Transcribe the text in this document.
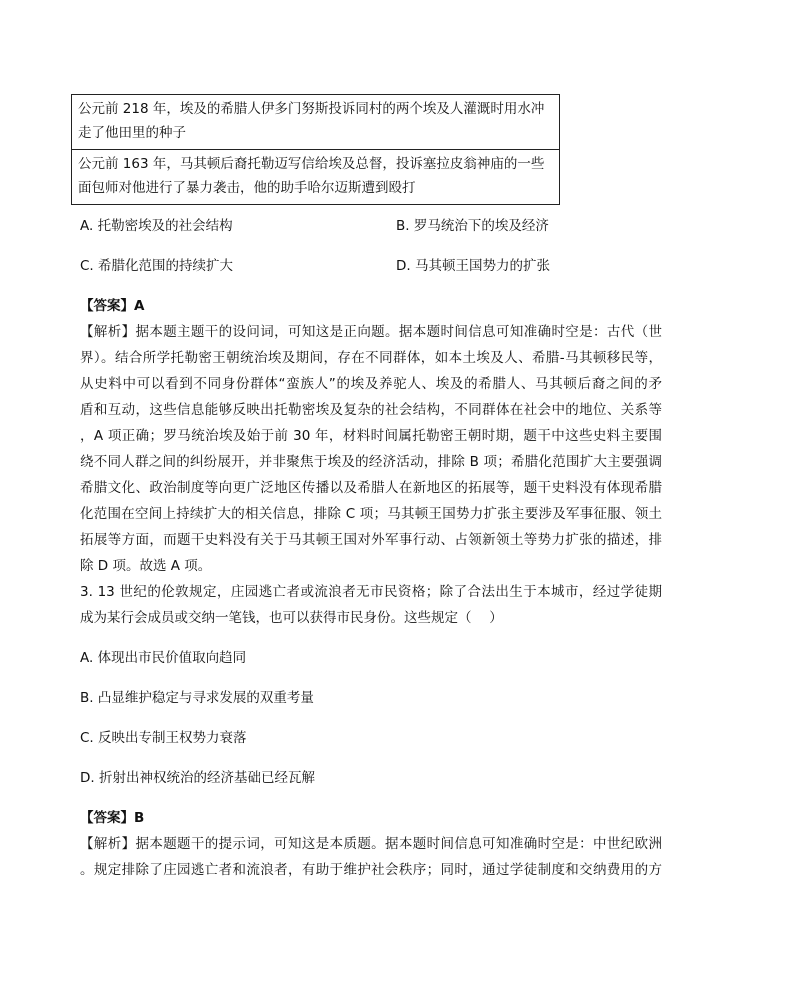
公元前 218 年，埃及的希腊人伊多门努斯投诉同村的两个埃及人灌溉时用水冲
走了他田里的种子

公元前 163 年，马其顿后裔托勒迈写信给埃及总督，投诉塞拉皮翁神庙的一些
面包师对他进行了暴力袭击，他的助手哈尔迈斯遭到殴打
A. 托勒密埃及的社会结构	B. 罗马统治下的埃及经济
C. 希腊化范围的持续扩大	D. 马其顿王国势力的扩张
【答案】A
【解析】据本题主题干的设问词，可知这是正向题。据本题时间信息可知准确时空是：古代（世
界）。结合所学托勒密王朝统治埃及期间，存在不同群体，如本土埃及人、希腊-马其顿移民等，
从史料中可以看到不同身份群体“蛮族人”的埃及养驼人、埃及的希腊人、马其顿后裔之间的矛
盾和互动，这些信息能够反映出托勒密埃及复杂的社会结构，不同群体在社会中的地位、关系等
，A 项正确；罗马统治埃及始于前 30 年，材料时间属托勒密王朝时期，题干中这些史料主要围
绕不同人群之间的纠纷展开，并非聚焦于埃及的经济活动，排除 B 项；希腊化范围扩大主要强调
希腊文化、政治制度等向更广泛地区传播以及希腊人在新地区的拓展等，题干史料没有体现希腊
化范围在空间上持续扩大的相关信息，排除 C 项；马其顿王国势力扩张主要涉及军事征服、领土
拓展等方面，而题干史料没有关于马其顿王国对外军事行动、占领新领土等势力扩张的描述，排
除 D 项。故选 A 项。
3. 13 世纪的伦敦规定，庄园逃亡者或流浪者无市民资格；除了合法出生于本城市，经过学徒期
成为某行会成员或交纳一笔钱，也可以获得市民身份。这些规定（　 ）
A. 体现出市民价值取向趋同
B. 凸显维护稳定与寻求发展的双重考量
C. 反映出专制王权势力衰落
D. 折射出神权统治的经济基础已经瓦解
【答案】B
【解析】据本题题干的提示词，可知这是本质题。据本题时间信息可知准确时空是：中世纪欧洲
。规定排除了庄园逃亡者和流浪者，有助于维护社会秩序；同时，通过学徒制度和交纳费用的方
